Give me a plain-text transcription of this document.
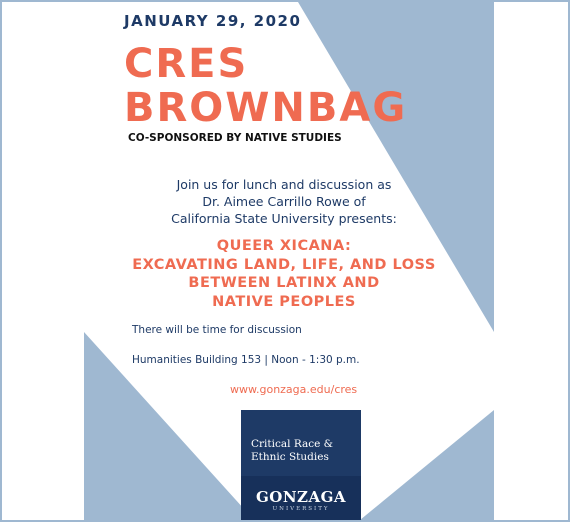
JANUARY 29, 2020
CRES
BROWNBAG
CO-SPONSORED BY NATIVE STUDIES
Join us for lunch and discussion as
Dr. Aimee Carrillo Rowe of
California State University presents:
QUEER XICANA:
EXCAVATING LAND, LIFE, AND LOSS
BETWEEN LATINX AND
NATIVE PEOPLES
There will be time for discussion
Humanities Building 153 | Noon - 1:30 p.m.
www.gonzaga.edu/cres
Critical Race &
Ethnic Studies
GONZAGA
UNIVERSITY
